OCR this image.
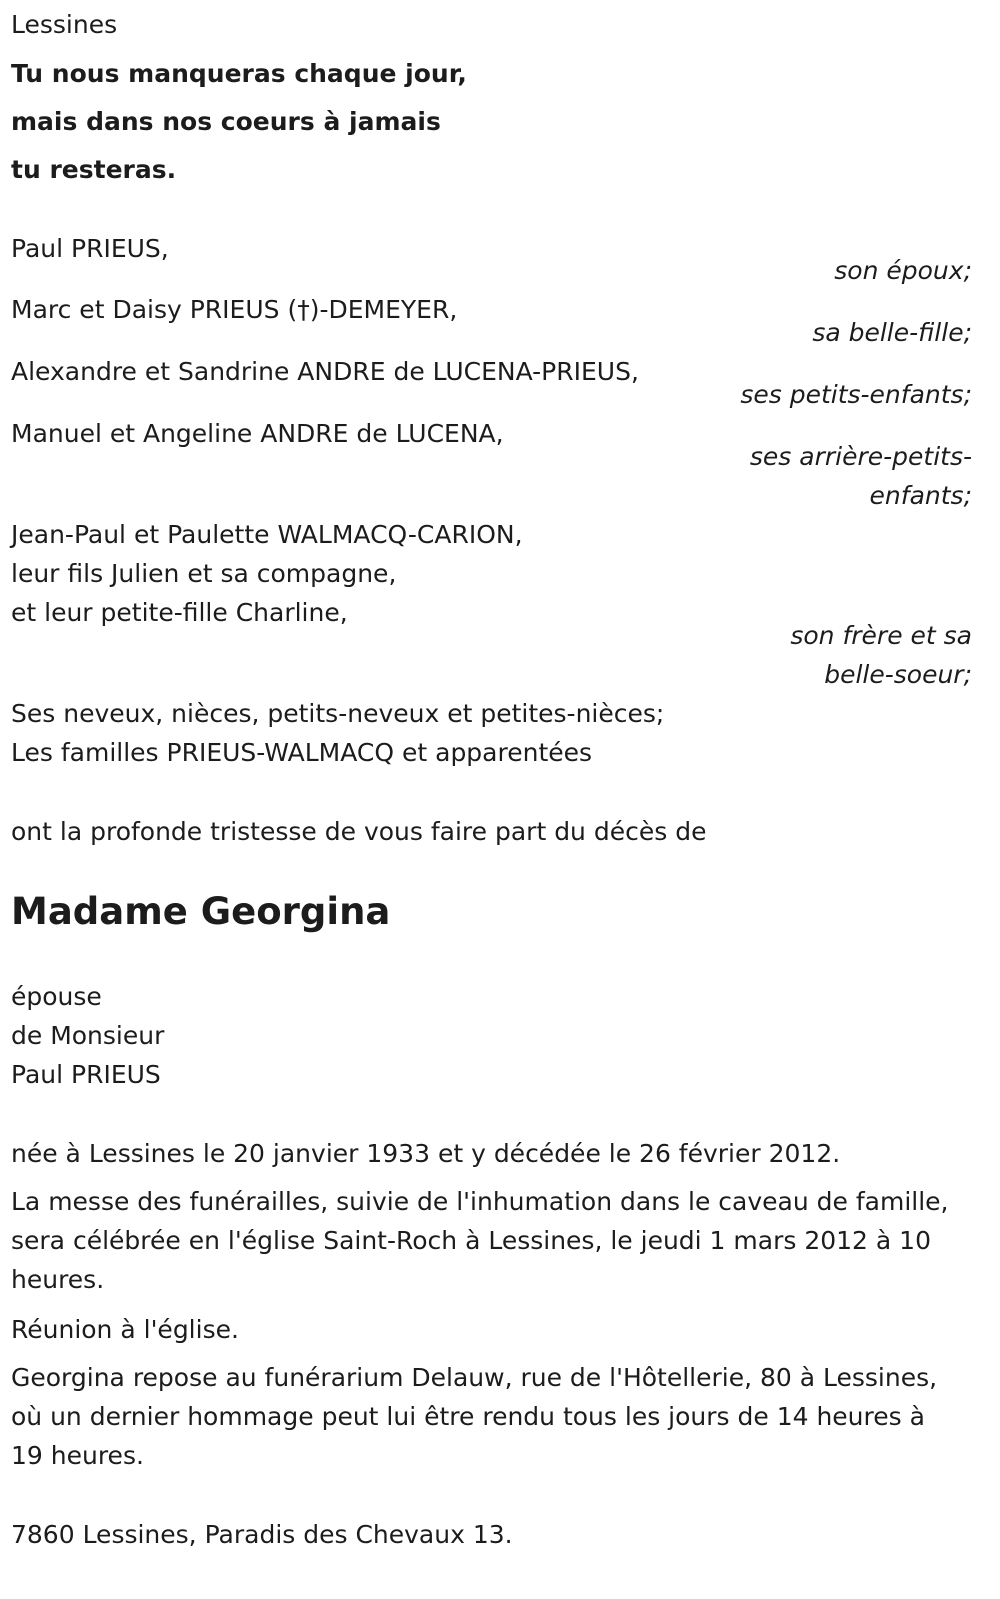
Lessines
Tu nous manqueras chaque jour,
mais dans nos coeurs à jamais
tu resteras.
Paul PRIEUS,
son époux;
Marc et Daisy PRIEUS (†)-DEMEYER,
sa belle-fille;
Alexandre et Sandrine ANDRE de LUCENA-PRIEUS,
ses petits-enfants;
Manuel et Angeline ANDRE de LUCENA,
ses arrière-petits-
enfants;
Jean-Paul et Paulette WALMACQ-CARION,
leur fils Julien et sa compagne,
et leur petite-fille Charline,
son frère et sa
belle-soeur;
Ses neveux, nièces, petits-neveux et petites-nièces;
Les familles PRIEUS-WALMACQ et apparentées
ont la profonde tristesse de vous faire part du décès de
Madame Georgina
épouse
de Monsieur
Paul PRIEUS
née à Lessines le 20 janvier 1933 et y décédée le 26 février 2012.
La messe des funérailles, suivie de l'inhumation dans le caveau de famille,
sera célébrée en l'église Saint-Roch à Lessines, le jeudi 1 mars 2012 à 10
heures.
Réunion à l'église.
Georgina repose au funérarium Delauw, rue de l'Hôtellerie, 80 à Lessines,
où un dernier hommage peut lui être rendu tous les jours de 14 heures à
19 heures.
7860 Lessines, Paradis des Chevaux 13.
